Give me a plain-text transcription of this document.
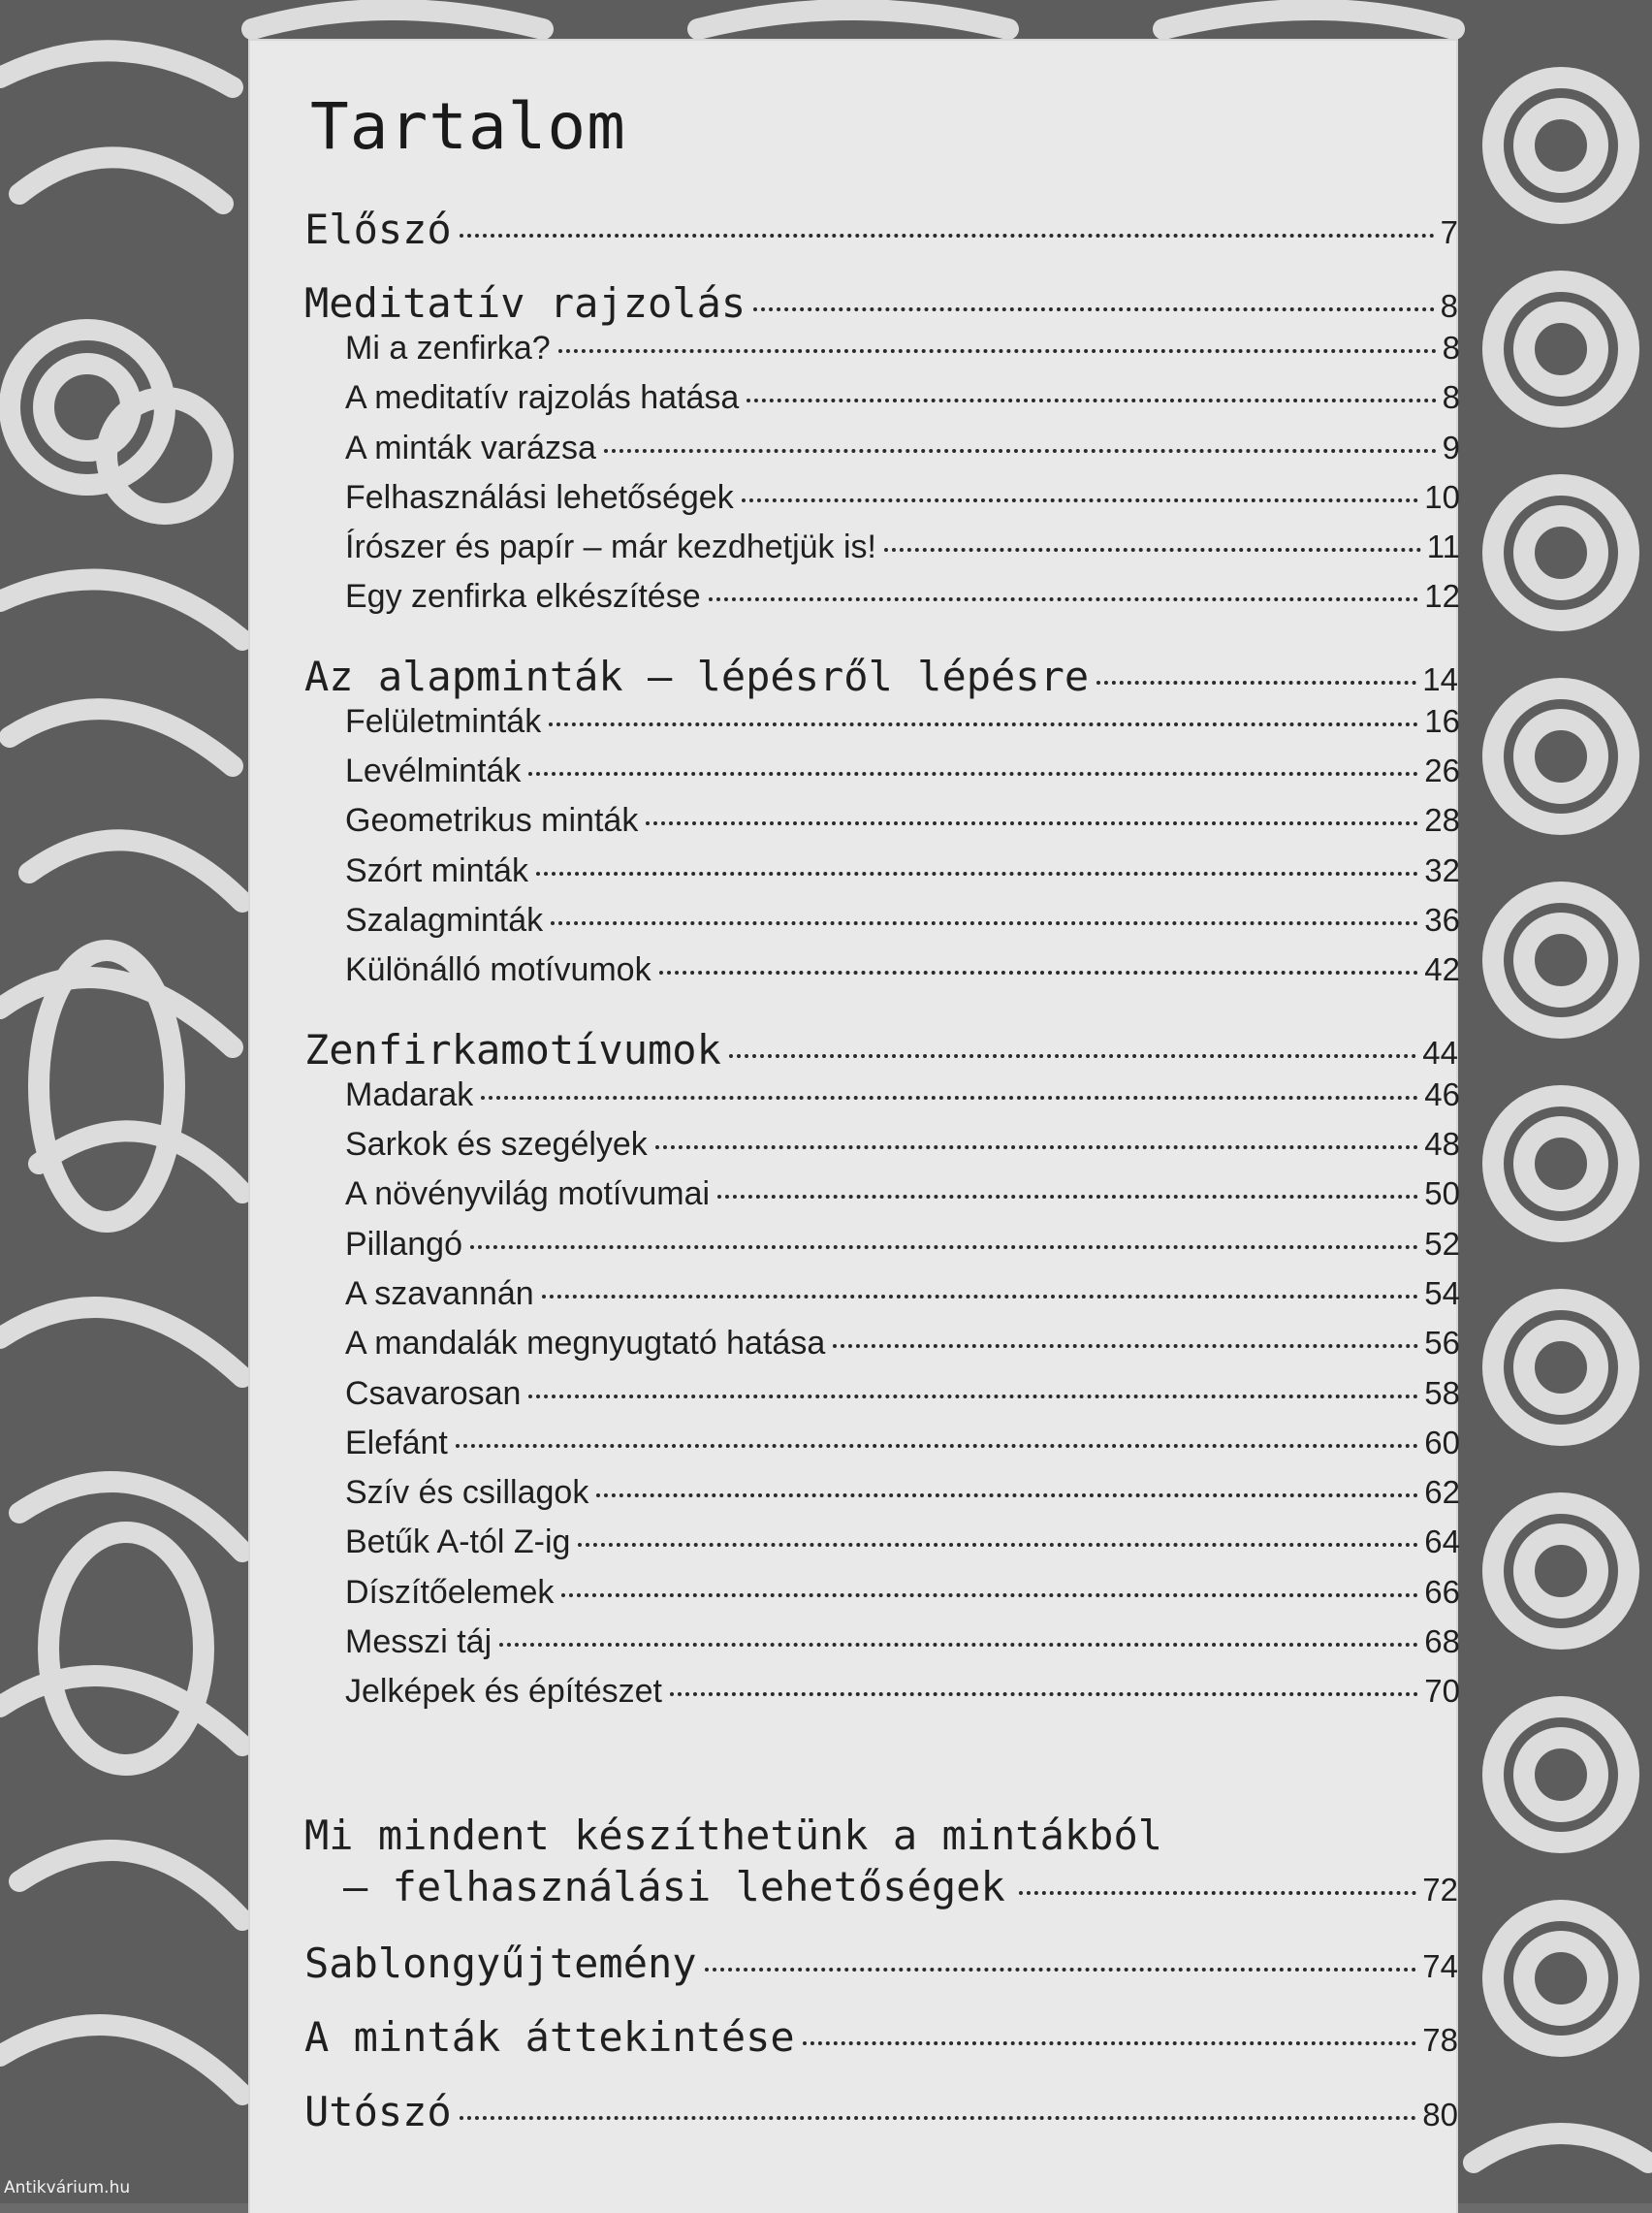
Tartalom
Előszó	7
Meditatív rajzolás	8
Mi a zenfirka?	8
A meditatív rajzolás hatása	8
A minták varázsa	9
Felhasználási lehetőségek	10
Írószer és papír – már kezdhetjük is!	11
Egy zenfirka elkészítése	12
Az alapminták – lépésről lépésre	14
Felületminták	16
Levélminták	26
Geometrikus minták	28
Szórt minták	32
Szalagminták	36
Különálló motívumok	42
Zenfirkamotívumok	44
Madarak	46
Sarkok és szegélyek	48
A növényvilág motívumai	50
Pillangó	52
A szavannán	54
A mandalák megnyugtató hatása	56
Csavarosan	58
Elefánt	60
Szív és csillagok	62
Betűk A-tól Z-ig	64
Díszítőelemek	66
Messzi táj	68
Jelképek és építészet	70
Mi mindent készíthetünk a mintákból
– felhasználási lehetőségek	72
Sablongyűjtemény	74
A minták áttekintése	78
Utószó	80
Antikvárium.hu
